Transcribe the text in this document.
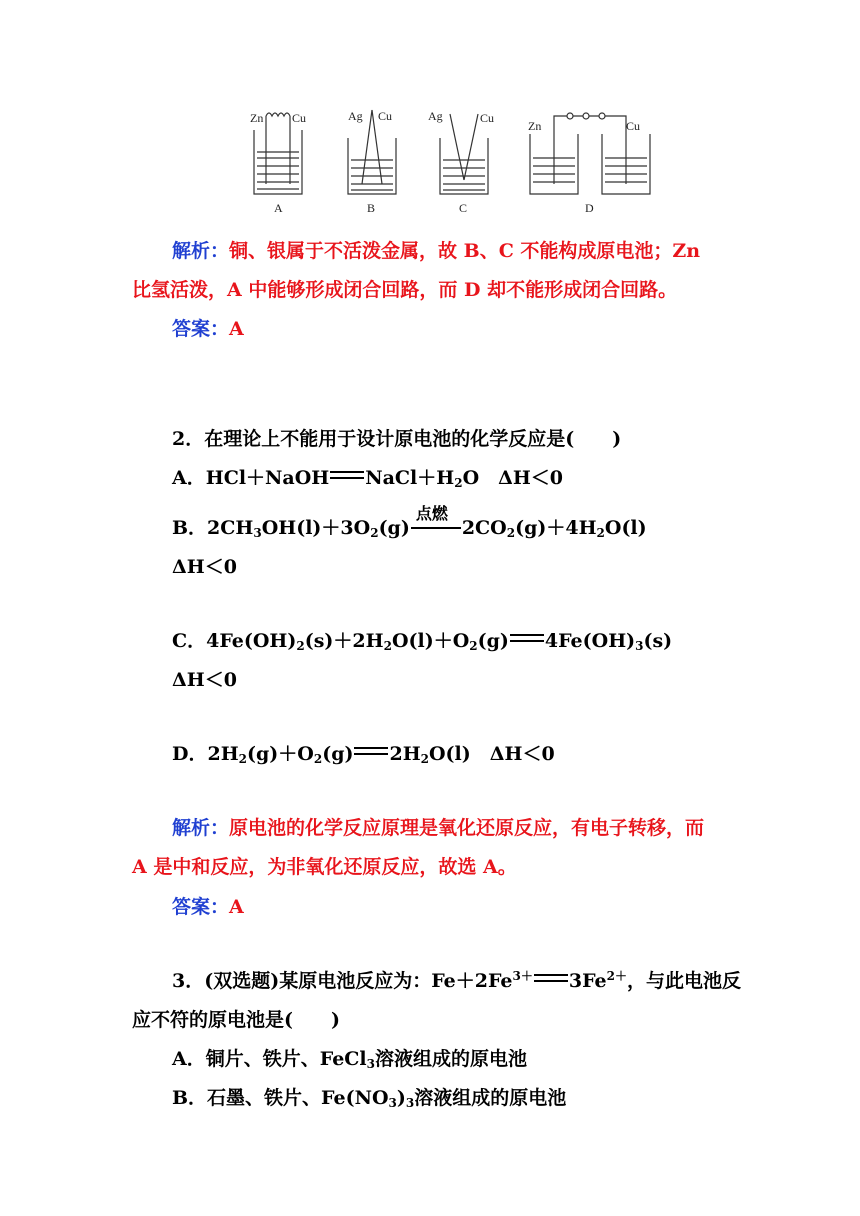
Zn Cu
A
Ag Cu
B
Ag	Cu
C
Zn	Cu
D
解析：铜、银属于不活泼金属，故 B、C 不能构成原电池；Zn
比氢活泼，A 中能够形成闭合回路，而 D 却不能形成闭合回路。
答案：A
2．在理论上不能用于设计原电池的化学反应是(　　)
A．HCl＋NaOH $NaCl+H_2O$　ΔH＜0
B．$2CH_3OH(l)+3O_2(g)$
点燃
$2CO_2(g)+4H_2O(l)$
ΔH＜0
C．$4Fe(OH)_2(s)+2H_2O(l)+O_2(g)$ $4Fe(OH)_3(s)$
ΔH＜0
D．$2H_2(g)+O_2(g)$ $2H_2O(l)$　ΔH＜0
解析：原电池的化学反应原理是氧化还原反应，有电子转移，而
A 是中和反应，为非氧化还原反应，故选 A。
答案：A
3．(双选题)某原电池反应为：$Fe+2Fe^{3+}$ $3Fe^{2+}$，与此电池反
应不符的原电池是(　　)
A．铜片、铁片、FeCl$_3$溶液组成的原电池
B．石墨、铁片、$Fe(NO_3)_3$溶液组成的原电池
